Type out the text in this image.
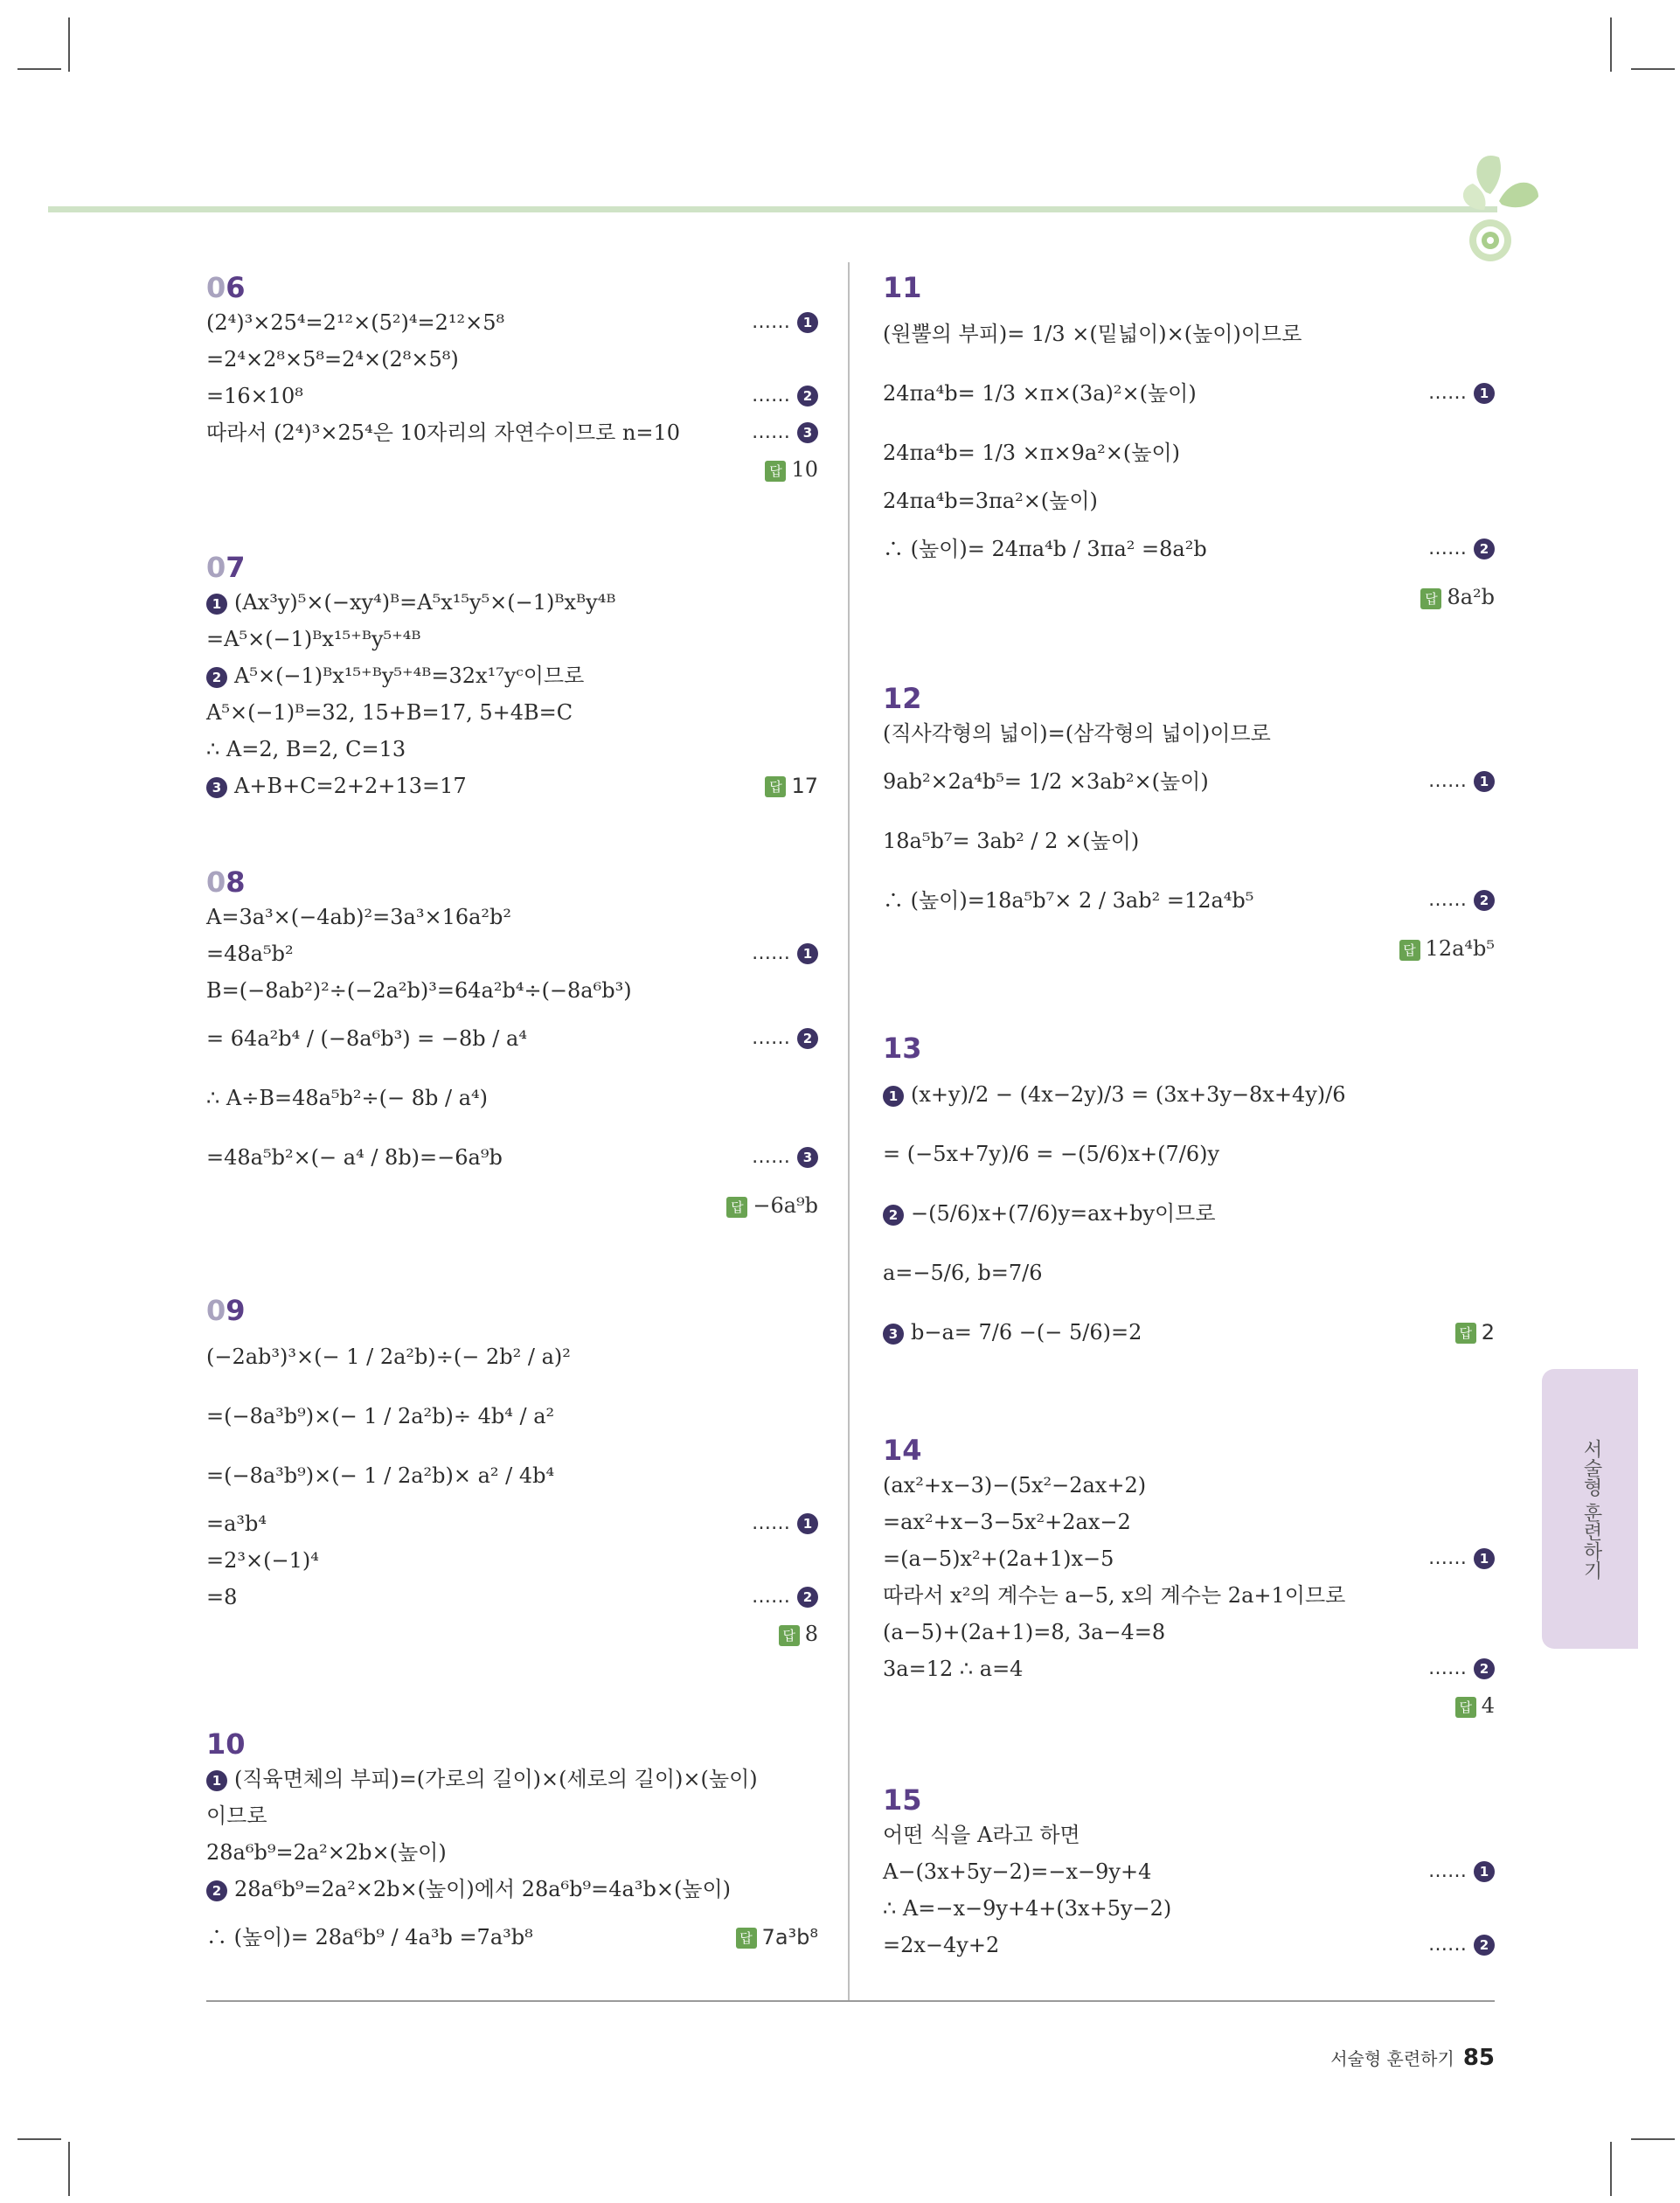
06
(2⁴)³×25⁴=2¹²×(5²)⁴=2¹²×5⁸	…… 1
=2⁴×2⁸×5⁸=2⁴×(2⁸×5⁸)
=16×10⁸	…… 2
따라서 (2⁴)³×25⁴은 10자리의 자연수이므로 n=10	…… 3
답 10
07
1 (Ax³y)⁵×(−xy⁴)ᴮ=A⁵x¹⁵y⁵×(−1)ᴮxᴮy⁴ᴮ
=A⁵×(−1)ᴮx¹⁵⁺ᴮy⁵⁺⁴ᴮ
2 A⁵×(−1)ᴮx¹⁵⁺ᴮy⁵⁺⁴ᴮ=32x¹⁷yᶜ이므로
A⁵×(−1)ᴮ=32, 15+B=17, 5+4B=C
∴ A=2, B=2, C=13
3 A+B+C=2+2+13=17	답 17
08
A=3a³×(−4ab)²=3a³×16a²b²
=48a⁵b²	…… 1
B=(−8ab²)²÷(−2a²b)³=64a²b⁴÷(−8a⁶b³)
= 64a²b⁴ / (−8a⁶b³) = −8b / a⁴	…… 2
∴ A÷B=48a⁵b²÷(− 8b / a⁴)
=48a⁵b²×(− a⁴ / 8b)=−6a⁹b	…… 3
답 −6a⁹b
09
(−2ab³)³×(− 1 / 2a²b)÷(− 2b² / a)²
=(−8a³b⁹)×(− 1 / 2a²b)÷ 4b⁴ / a²
=(−8a³b⁹)×(− 1 / 2a²b)× a² / 4b⁴
=a³b⁴	…… 1
=2³×(−1)⁴
=8	…… 2
답 8
10
1 (직육면체의 부피)=(가로의 길이)×(세로의 길이)×(높이)
이므로
28a⁶b⁹=2a²×2b×(높이)
2 28a⁶b⁹=2a²×2b×(높이)에서 28a⁶b⁹=4a³b×(높이)
∴ (높이)= 28a⁶b⁹ / 4a³b =7a³b⁸	답 7a³b⁸
11
(원뿔의 부피)= 1/3 ×(밑넓이)×(높이)이므로
24πa⁴b= 1/3 ×π×(3a)²×(높이)	…… 1
24πa⁴b= 1/3 ×π×9a²×(높이)
24πa⁴b=3πa²×(높이)
∴ (높이)= 24πa⁴b / 3πa² =8a²b	…… 2
답 8a²b
12
(직사각형의 넓이)=(삼각형의 넓이)이므로
9ab²×2a⁴b⁵= 1/2 ×3ab²×(높이)	…… 1
18a⁵b⁷= 3ab² / 2 ×(높이)
∴ (높이)=18a⁵b⁷× 2 / 3ab² =12a⁴b⁵	…… 2
답 12a⁴b⁵
13
1 (x+y)/2 − (4x−2y)/3 = (3x+3y−8x+4y)/6
= (−5x+7y)/6 = −(5/6)x+(7/6)y
2 −(5/6)x+(7/6)y=ax+by이므로
a=−5/6, b=7/6
3 b−a= 7/6 −(− 5/6)=2	답 2
14
(ax²+x−3)−(5x²−2ax+2)
=ax²+x−3−5x²+2ax−2
=(a−5)x²+(2a+1)x−5	…… 1
따라서 x²의 계수는 a−5, x의 계수는 2a+1이므로
(a−5)+(2a+1)=8, 3a−4=8
3a=12 ∴ a=4	…… 2
답 4
15
어떤 식을 A라고 하면
A−(3x+5y−2)=−x−9y+4	…… 1
∴ A=−x−9y+4+(3x+5y−2)
=2x−4y+2	…… 2
서술형 훈련하기
서술형 훈련하기 85
